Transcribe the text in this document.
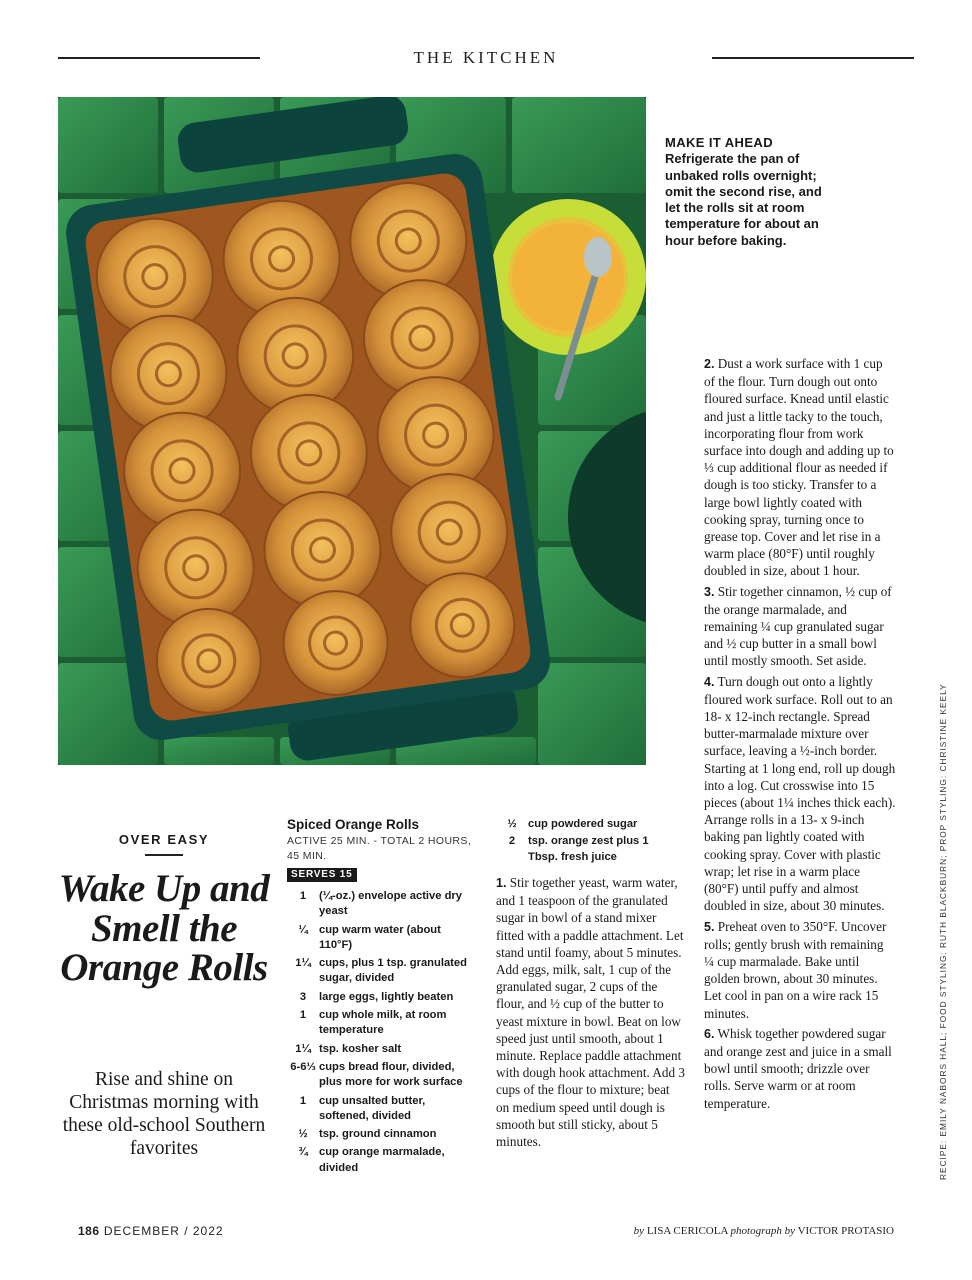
THE KITCHEN
MAKE IT AHEAD
Refrigerate the pan of unbaked rolls overnight; omit the second rise, and let the rolls sit at room temperature for about an hour before baking.
OVER EASY
Wake Up and Smell the Orange Rolls
Rise and shine on Christmas morning with these old-school Southern favorites
Spiced Orange Rolls
ACTIVE 25 MIN. - TOTAL 2 HOURS, 45 MIN.
SERVES 15
1	(¼-oz.) envelope active dry yeast
¼	cup warm water (about 110°F)
1¼ cups, plus 1 tsp. granulated sugar, divided
3	large eggs, lightly beaten
1	cup whole milk, at room temperature
1¼ tsp. kosher salt
6-6⅓ cups bread flour, divided, plus more for work surface
1	cup unsalted butter, softened, divided
½	tsp. ground cinnamon
¾	cup orange marmalade, divided
½	cup powdered sugar
2	tsp. orange zest plus 1 Tbsp. fresh juice

1. Stir together yeast, warm water, and 1 teaspoon of the granulated sugar in bowl of a stand mixer fitted with a paddle attachment. Let stand until foamy, about 5 minutes. Add eggs, milk, salt, 1 cup of the granulated sugar, 2 cups of the flour, and ½ cup of the butter to yeast mixture in bowl. Beat on low speed just until smooth, about 1 minute. Replace paddle attachment with dough hook attachment. Add 3 cups of the flour to mixture; beat on medium speed until dough is smooth but still sticky, about 5 minutes.

2. Dust a work surface with 1 cup of the flour. Turn dough out onto floured surface. Knead until elastic and just a little tacky to the touch, incorporating flour from work surface into dough and adding up to ⅓ cup additional flour as needed if dough is too sticky. Transfer to a large bowl lightly coated with cooking spray, turning once to grease top. Cover and let rise in a warm place (80°F) until roughly doubled in size, about 1 hour.

3. Stir together cinnamon, ½ cup of the orange marmalade, and remaining ¼ cup granulated sugar and ½ cup butter in a small bowl until mostly smooth. Set aside.

4. Turn dough out onto a lightly floured work surface. Roll out to an 18- x 12-inch rectangle. Spread butter-marmalade mixture over surface, leaving a ½-inch border. Starting at 1 long end, roll up dough into a log. Cut crosswise into 15 pieces (about 1¼ inches thick each). Arrange rolls in a 13- x 9-inch baking pan lightly coated with cooking spray. Cover with plastic wrap; let rise in a warm place (80°F) until puffy and almost doubled in size, about 30 minutes.

5. Preheat oven to 350°F. Uncover rolls; gently brush with remaining ¼ cup marmalade. Bake until golden brown, about 30 minutes. Let cool in pan on a wire rack 15 minutes.

6. Whisk together powdered sugar and orange zest and juice in a small bowl until smooth; drizzle over rolls. Serve warm or at room temperature.	RECIPE: EMILY NABORS HALL; FOOD STYLING: RUTH BLACKBURN; PROP STYLING: CHRISTINE KEELY
186 DECEMBER / 2022	by LISA CERICOLA photograph by VICTOR PROTASIO
